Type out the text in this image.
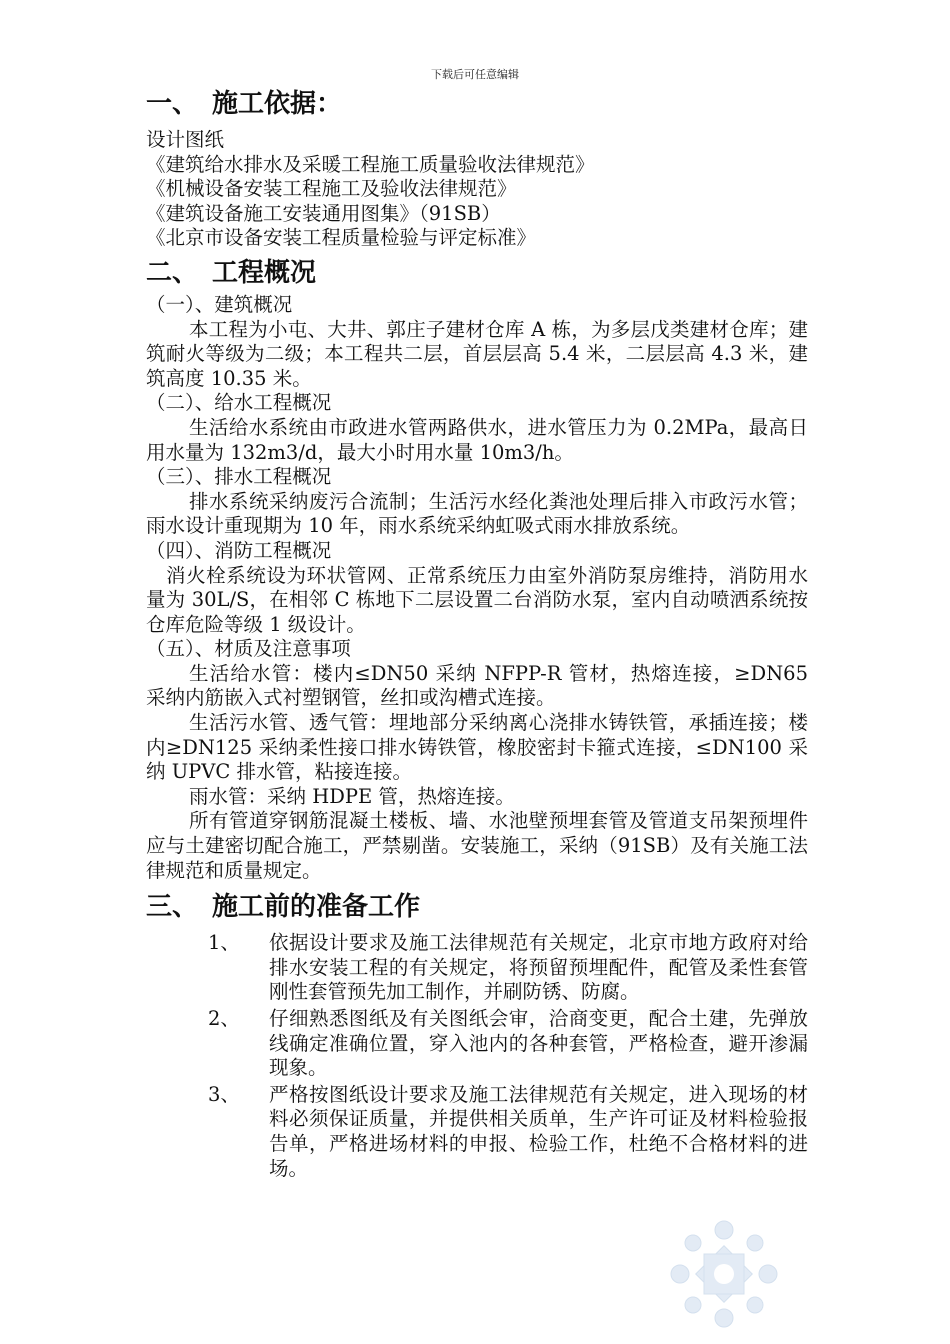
下载后可任意编辑
一、 施工依据：

设计图纸

《建筑给水排水及采暖工程施工质量验收法律规范》

《机械设备安装工程施工及验收法律规范》

《建筑设备施工安装通用图集》（91SB）

《北京市设备安装工程质量检验与评定标准》

二、 工程概况

（一）、建筑概况

本工程为小屯、大井、郭庄子建材仓库 A 栋，为多层戊类建材仓库；建筑耐火等级为二级；本工程共二层，首层层高 5.4 米，二层层高 4.3 米，建筑高度 10.35 米。

（二）、给水工程概况

生活给水系统由市政进水管两路供水，进水管压力为 0.2MPa，最高日用水量为 132m3/d，最大小时用水量 10m3/h。

（三）、排水工程概况

排水系统采纳废污合流制；生活污水经化粪池处理后排入市政污水管；雨水设计重现期为 10 年，雨水系统采纳虹吸式雨水排放系统。

（四）、消防工程概况

消火栓系统设为环状管网、正常系统压力由室外消防泵房维持，消防用水量为 30L/S，在相邻 C 栋地下二层设置二台消防水泵，室内自动喷洒系统按仓库危险等级 1 级设计。

（五）、材质及注意事项

生活给水管：楼内≤DN50 采纳 NFPP-R 管材，热熔连接，≥DN65 采纳内筋嵌入式衬塑钢管，丝扣或沟槽式连接。

生活污水管、透气管：埋地部分采纳离心浇排水铸铁管，承插连接；楼内≥DN125 采纳柔性接口排水铸铁管，橡胶密封卡箍式连接，≤DN100 采纳 UPVC 排水管，粘接连接。

雨水管：采纳 HDPE 管，热熔连接。

所有管道穿钢筋混凝土楼板、墙、水池壁预埋套管及管道支吊架预埋件应与土建密切配合施工，严禁剔凿。安装施工，采纳（91SB）及有关施工法律规范和质量规定。

三、 施工前的准备工作
1、	依据设计要求及施工法律规范有关规定，北京市地方政府对给排水安装工程的有关规定，将预留预埋配件，配管及柔性套管刚性套管预先加工制作，并刷防锈、防腐。
2、	仔细熟悉图纸及有关图纸会审，洽商变更，配合土建，先弹放线确定准确位置，穿入池内的各种套管，严格检查，避开渗漏现象。
3、	严格按图纸设计要求及施工法律规范有关规定，进入现场的材料必须保证质量，并提供相关质单，生产许可证及材料检验报告单，严格进场材料的申报、检验工作，杜绝不合格材料的进场。
